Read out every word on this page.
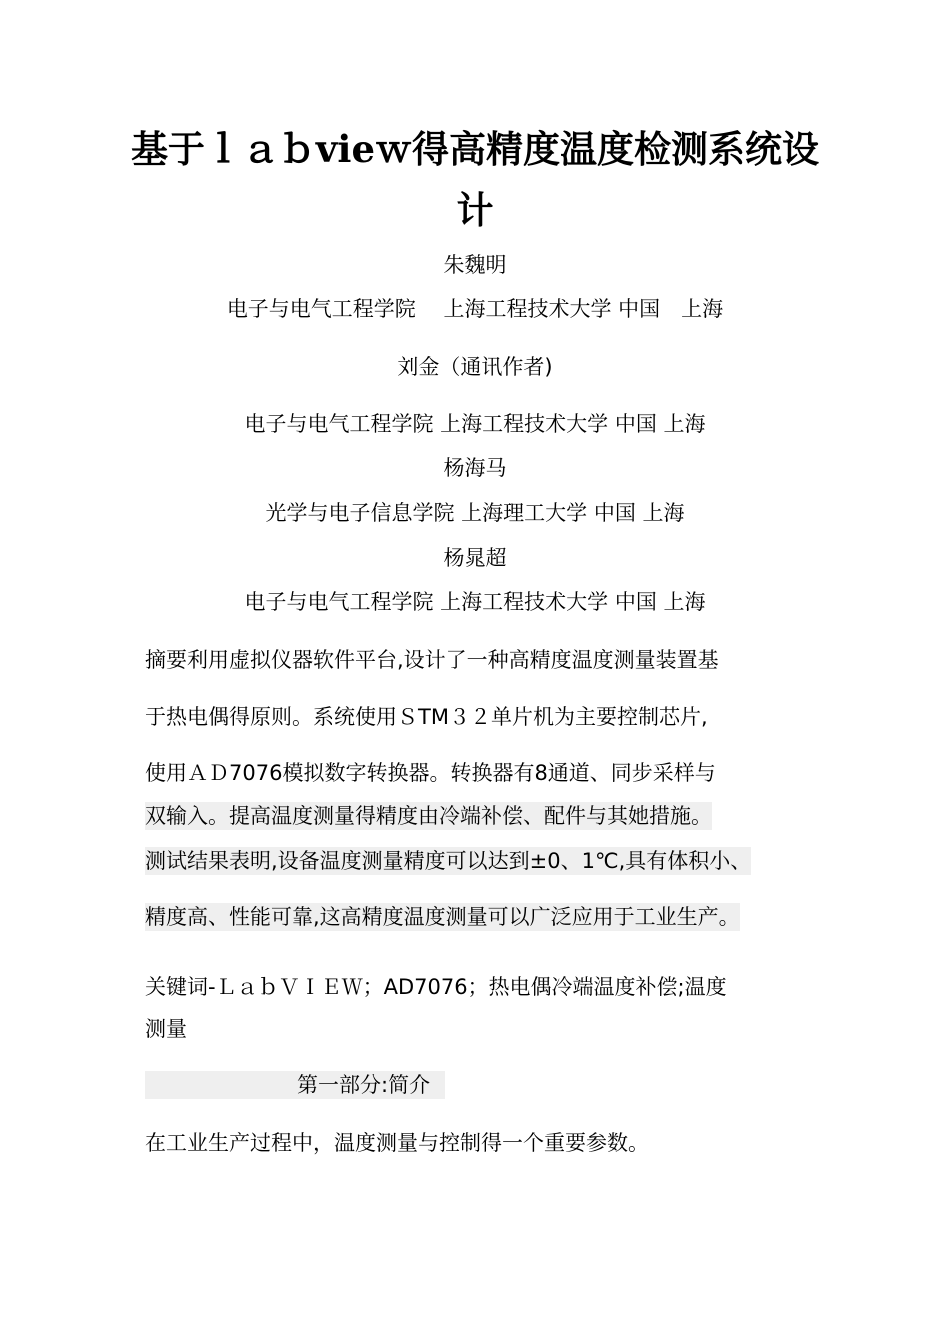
基于ｌａｂvieｗ得高精度温度检测系统设
计
朱魏明
电子与电气工程学院　 上海工程技术大学 中国　上海
刘金（通讯作者)
电子与电气工程学院 上海工程技术大学 中国 上海
杨海马
光学与电子信息学院 上海理工大学 中国 上海
杨晁超
电子与电气工程学院 上海工程技术大学 中国 上海
摘要利用虚拟仪器软件平台,设计了一种高精度温度测量装置基
于热电偶得原则。系统使用ＳTM３２单片机为主要控制芯片,
使用ＡＤ7076模拟数字转换器。转换器有8通道、同步采样与
双输入。提高温度测量得精度由冷端补偿、配件与其她措施。
测试结果表明,设备温度测量精度可以达到±0、1℃,具有体积小、
精度高、性能可靠,这高精度温度测量可以广泛应用于工业生产。
关键词-ＬａｂＶＩＥＷ；AD7076；热电偶冷端温度补偿;温度
测量
第一部分:简介
在工业生产过程中，温度测量与控制得一个重要参数。
